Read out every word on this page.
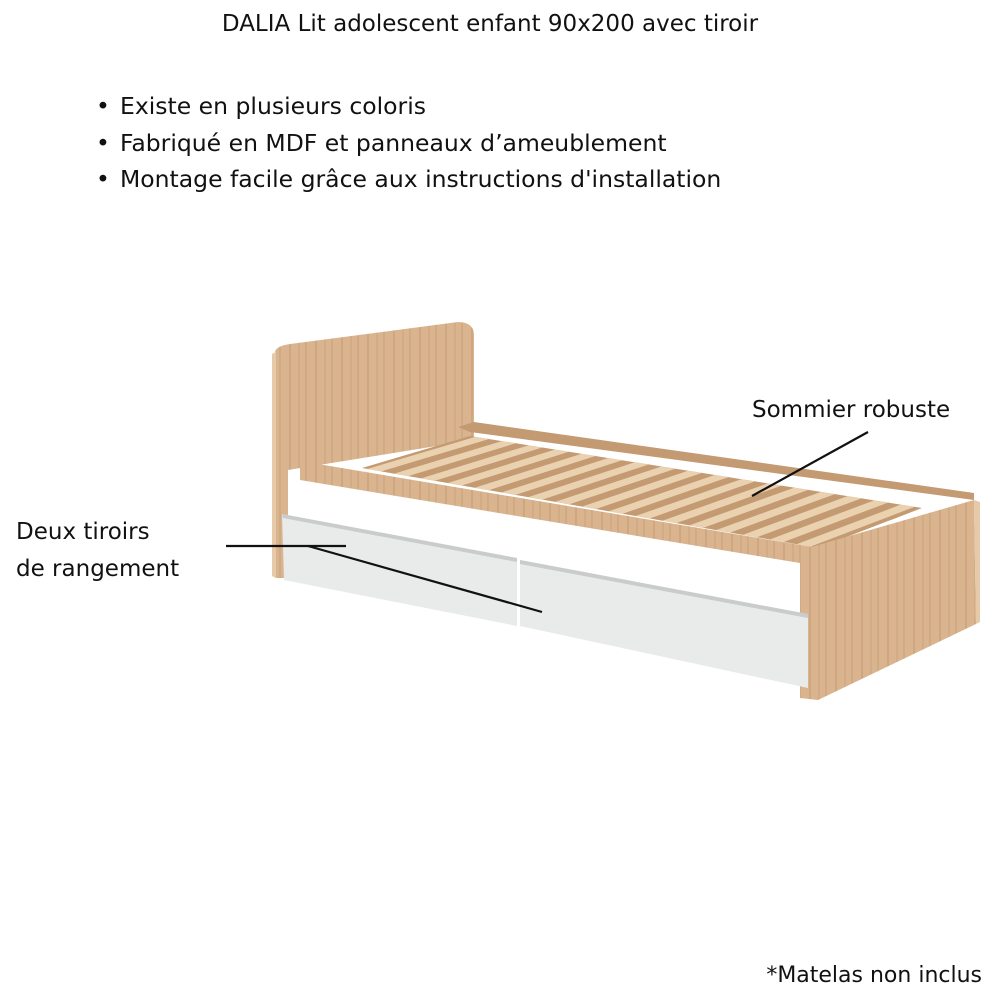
DALIA Lit adolescent enfant 90x200 avec tiroir
• Existe en plusieurs coloris
• Fabriqué en MDF et panneaux d’ameublement
• Montage facile grâce aux instructions d'installation
Sommier robuste
Deux tiroirs
de rangement
*Matelas non inclus
